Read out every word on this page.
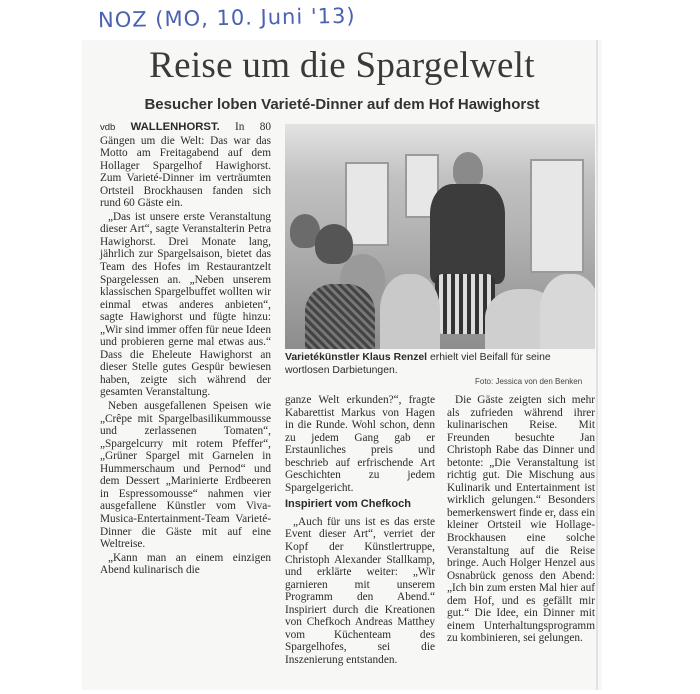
NOZ (MO, 10. Juni '13)
Reise um die Spargelwelt
Besucher loben Varieté-Dinner auf dem Hof Hawighorst

vdb WALLENHORST. In 80 Gängen um die Welt: Das war das Motto am Freitagabend auf dem Hollager Spargelhof Hawighorst. Zum Varieté-Dinner im verträumten Ortsteil Brockhausen fanden sich rund 60 Gäste ein.

„Das ist unsere erste Veranstaltung dieser Art“, sagte Veranstalterin Petra Hawighorst. Drei Monate lang, jährlich zur Spargelsaison, bietet das Team des Hofes im Restaurantzelt Spargelessen an. „Neben unserem klassischen Spargelbuffet wollten wir einmal etwas anderes anbieten“, sagte Hawighorst und fügte hinzu: „Wir sind immer offen für neue Ideen und probieren gerne mal etwas aus.“ Dass die Eheleute Hawighorst an dieser Stelle gutes Gespür bewiesen haben, zeigte sich während der gesamten Veranstaltung.

Neben ausgefallenen Speisen wie „Crêpe mit Spargelbasilikummousse und zerlassenen Tomaten“, „Spargelcurry mit rotem Pfeffer“, „Grüner Spargel mit Garnelen in Hummerschaum und Pernod“ und dem Dessert „Marinierte Erdbeeren in Espressomousse“ nahmen vier ausgefallene Künstler vom Viva-Musica-Entertainment-Team Varieté-Dinner die Gäste mit auf eine Weltreise.

„Kann man an einem einzigen Abend kulinarisch die

Varietékünstler Klaus Renzel erhielt viel Beifall für seine wortlosen Darbietungen.
Foto: Jessica von den Benken

ganze Welt erkunden?“, fragte Kabarettist Markus von Hagen in die Runde. Wohl schon, denn zu jedem Gang gab er Erstaunliches preis und beschrieb auf erfrischende Art Geschichten zu jedem Spargelgericht.

Inspiriert vom Chefkoch

„Auch für uns ist es das erste Event dieser Art“, verriet der Kopf der Künstlertruppe, Christoph Alexander Stallkamp, und erklärte weiter: „Wir garnieren mit unserem Programm den Abend.“ Inspiriert durch die Kreationen von Chefkoch Andreas Matthey vom Küchenteam des Spargelhofes, sei die Inszenierung entstanden.

Die Gäste zeigten sich mehr als zufrieden während ihrer kulinarischen Reise. Mit Freunden besuchte Jan Christoph Rabe das Dinner und betonte: „Die Veranstaltung ist richtig gut. Die Mischung aus Kulinarik und Entertainment ist wirklich gelungen.“ Besonders bemerkenswert finde er, dass ein kleiner Ortsteil wie Hollage-Brockhausen eine solche Veranstaltung auf die Reise bringe. Auch Holger Henzel aus Osnabrück genoss den Abend: „Ich bin zum ersten Mal hier auf dem Hof, und es gefällt mir gut.“ Die Idee, ein Dinner mit einem Unterhaltungsprogramm zu kombinieren, sei gelungen.
